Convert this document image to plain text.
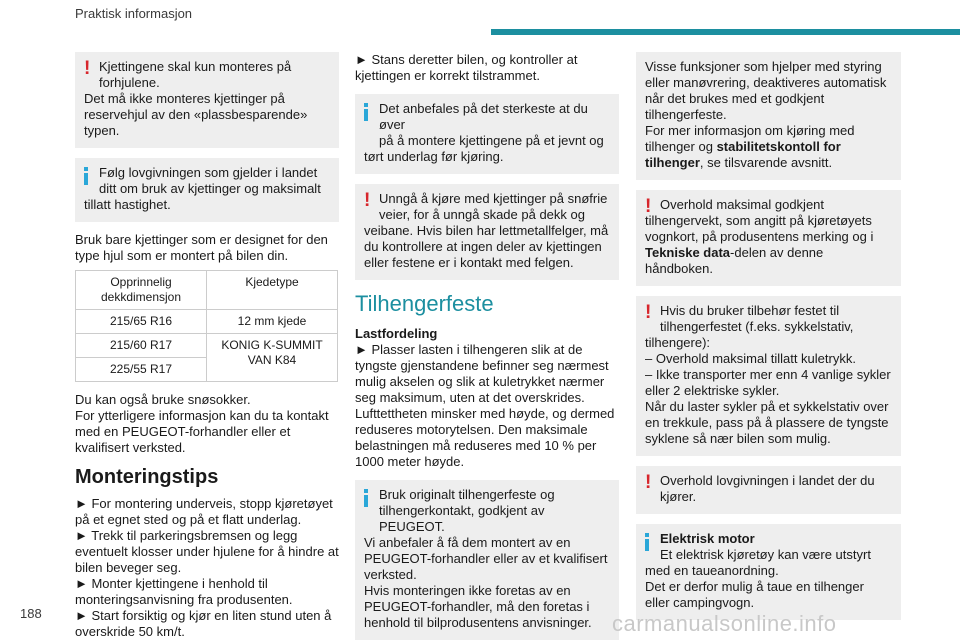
Praktisk informasjon
! Kjettingene skal kun monteres på

forhjulene.

Det må ikke monteres kjettinger på reservehjul av den «plassbesparende» typen.

Følg lovgivningen som gjelder i landet

ditt om bruk av kjettinger og maksimalt

tillatt hastighet.

Bruk bare kjettinger som er designet for den type hjul som er montert på bilen din.

Opprinnelig dekkdimensjon	Kjedetype
215/65 R16	12 mm kjede
215/60 R17	KONIG K-SUMMIT VAN K84
225/55 R17	

Du kan også bruke snøsokker.

For ytterligere informasjon kan du ta kontakt med en PEUGEOT-forhandler eller et kvalifisert verksted.

Monteringstips

► For montering underveis, stopp kjøretøyet på et egnet sted og på et flatt underlag.

► Trekk til parkeringsbremsen og legg eventuelt klosser under hjulene for å hindre at bilen beveger seg.

► Monter kjettingene i henhold til monteringsanvisning fra produsenten.

► Start forsiktig og kjør en liten stund uten å overskride 50 km/t.

► Stans deretter bilen, og kontroller at kjettingen er korrekt tilstrammet.

Det anbefales på det sterkeste at du øver

på å montere kjettingene på et jevnt og

tørt underlag før kjøring.

! Unngå å kjøre med kjettinger på snøfrie

veier, for å unngå skade på dekk og

veibane. Hvis bilen har lettmetallfelger, må du kontrollere at ingen deler av kjettingen eller festene er i kontakt med felgen.

Tilhengerfeste
Lastfordeling

► Plasser lasten i tilhengeren slik at de tyngste gjenstandene befinner seg nærmest mulig akselen og slik at kuletrykket nærmer seg maksimum, uten at det overskrides. Lufttettheten minsker med høyde, og dermed reduseres motorytelsen. Den maksimale belastningen må reduseres med 10 % per 1000 meter høyde.

Bruk originalt tilhengerfeste og

tilhengerkontakt, godkjent av PEUGEOT.

Vi anbefaler å få dem montert av en PEUGEOT-forhandler eller av et kvalifisert verksted.

Hvis monteringen ikke foretas av en PEUGEOT-forhandler, må den foretas i henhold til bilprodusentens anvisninger.

Visse funksjoner som hjelper med styring eller manøvrering, deaktiveres automatisk når det brukes med et godkjent tilhengerfeste.

For mer informasjon om kjøring med tilhenger og stabilitetskontoll for tilhenger, se tilsvarende avsnitt.

! Overhold maksimal godkjent

tilhengervekt, som angitt på kjøretøyets

vognkort, på produsentens merking og i Tekniske data-delen av denne håndboken.

! Hvis du bruker tilbehør festet til

tilhengerfestet (f.eks. sykkelstativ,

tilhengere):

– Overhold maksimal tillatt kuletrykk.

– Ikke transporter mer enn 4 vanlige sykler eller 2 elektriske sykler.

Når du laster sykler på et sykkelstativ over en trekkule, pass på å plassere de tyngste syklene så nær bilen som mulig.

! Overhold lovgivningen i landet der du

kjører.

Elektrisk motor

Et elektrisk kjøretøy kan være utstyrt

med en taueanordning.

Det er derfor mulig å taue en tilhenger eller campingvogn.

188	carmanualsonline.info
